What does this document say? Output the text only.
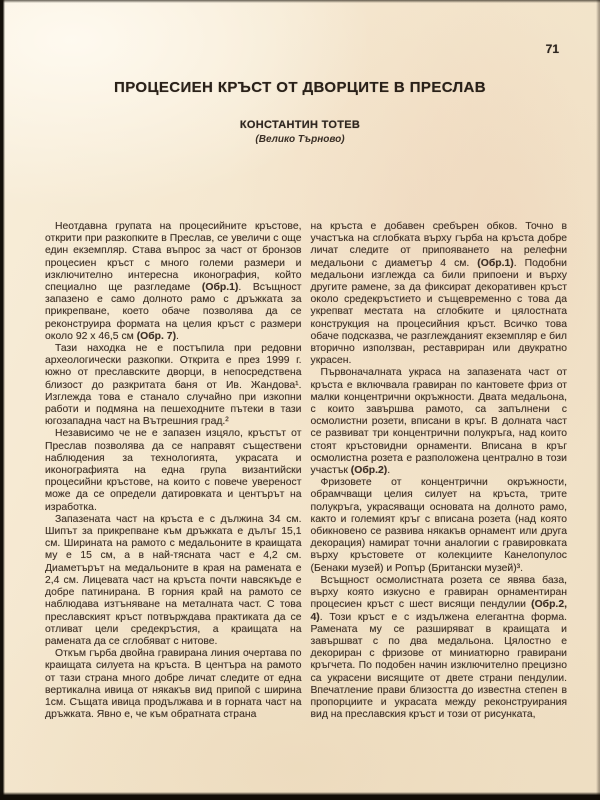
71
ПРОЦЕСИЕН КРЪСТ ОТ ДВОРЦИТЕ В ПРЕСЛАВ
КОНСТАНТИН ТОТЕВ
(Велико Търново)

Неотдавна групата на процесийните кръстове, открити при разкопките в Преслав, се увеличи с още един екземпляр. Става въпрос за част от бронзов процесиен кръст с много големи размери и изключително интересна иконография, който специално ще разгледаме (Обр.1). Всъщност запазено е само долното рамо с дръжката за прикрепване, което обаче позволява да се реконструира формата на целия кръст с размери около 92 х 46,5 см (Обр. 7).

Тази находка не е постъпила при редовни археологически разкопки. Открита е през 1999 г. южно от преславските дворци, в непосредствена близост до разкритата баня от Ив. Жандова¹. Изглежда това е станало случайно при изкопни работи и подмяна на пешеходните пътеки в тази югозападна част на Вътрешния град.²

Независимо че не е запазен изцяло, кръстът от Преслав позволява да се направят съществени наблюдения за технологията, украсата и иконографията на една група византийски процесийни кръстове, на които с повече увереност може да се определи датировката и центърът на изработка.

Запазената част на кръста е с дължина 34 см. Шипът за прикрепване към дръжката е дълъг 15,1 см. Ширината на рамото с медальоните в краищата му е 15 см, а в най-тясната част е 4,2 см. Диаметърът на медальоните в края на рамената е 2,4 см. Лицевата част на кръста почти навсякъде е добре патинирана. В горния край на рамото се наблюдава изтъняване на металната част. С това преславският кръст потвърждава практиката да се отливат цели средекръстия, а краищата на рамената да се сглобяват с нитове.

Откъм гърба двойна гравирана линия очертава по краищата силуета на кръста. В центъра на рамото от тази страна много добре личат следите от една вертикална ивица от някакъв вид припой с ширина 1см. Същата ивица продължава и в горната част на дръжката. Явно е, че към обратната страна

на кръста е добавен сребърен обков. Точно в участъка на сглобката върху гърба на кръста добре личат следите от припояването на релефни медальони с диаметър 4 см. (Обр.1). Подобни медальони изглежда са били припоени и върху другите рамене, за да фиксират декоративен кръст около средекръстието и същевременно с това да укрепват местата на сглобките и цялостната конструкция на процесийния кръст. Всичко това обаче подсказва, че разглежданият екземпляр е бил вторично използван, реставриран или двукратно украсен.

Първоначалната украса на запазената част от кръста е включвала гравиран по кантовете фриз от малки концентрични окръжности. Двата медальона, с които завършва рамото, са запълнени с осмолистни розети, вписани в кръг. В долната част се развиват три концентрични полукръга, над които стоят кръстовидни орнаменти. Вписана в кръг осмолистна розета е разположена централно в този участък (Обр.2).

Фризовете от концентрични окръжности, обрамчващи целия силует на кръста, трите полукръга, украсяващи основата на долното рамо, както и големият кръг с вписана розета (над която обикновено се развива някакъв орнамент или друга декорация) намират точни аналогии с гравировката върху кръстовете от колекциите Канелопулос (Бенаки музей) и Ропър (Британски музей)³.

Всъщност осмолистната розета се явява база, върху която изкусно е гравиран орнаментиран процесиен кръст с шест висящи пендулии (Обр.2, 4). Този кръст е с издължена елегантна форма. Рамената му се разширяват в краищата и завършват с по два медальона. Цялостно е декориран с фризове от миниатюрно гравирани кръгчета. По подобен начин изключително прецизно са украсени висящите от двете страни пендулии. Впечатление прави близостта до известна степен в пропорциите и украсата между реконструирания вид на преславския кръст и този от рисунката,
